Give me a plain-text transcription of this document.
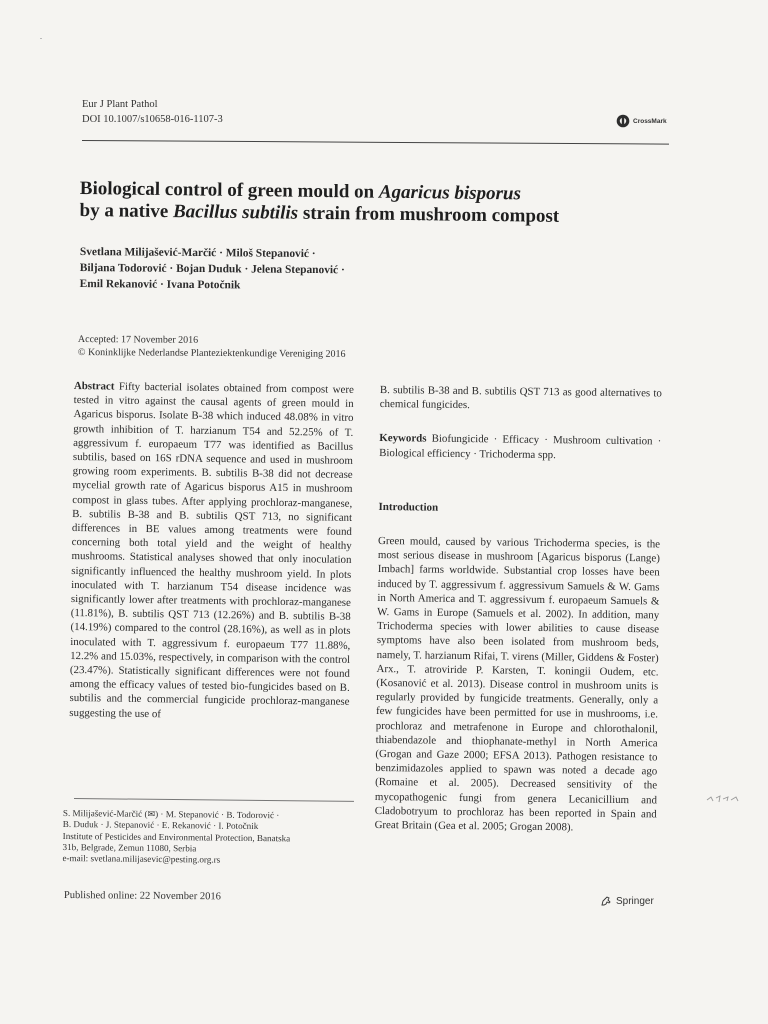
Eur J Plant Pathol
DOI 10.1007/s10658-016-1107-3	CrossMark
Biological control of green mould on Agaricus bisporus
by a native Bacillus subtilis strain from mushroom compost
Svetlana Milijašević-Marčić · Miloš Stepanović ·
Biljana Todorović · Bojan Duduk · Jelena Stepanović ·
Emil Rekanović · Ivana Potočnik
Accepted: 17 November 2016
© Koninklijke Nederlandse Planteziektenkundige Vereniging 2016
Abstract Fifty bacterial isolates obtained from compost were tested in vitro against the causal agents of green mould in Agaricus bisporus. Isolate B-38 which induced 48.08% in vitro growth inhibition of T. harzianum T54 and 52.25% of T. aggressivum f. europaeum T77 was identified as Bacillus subtilis, based on 16S rDNA sequence and used in mushroom growing room experiments. B. subtilis B-38 did not decrease mycelial growth rate of Agaricus bisporus A15 in mushroom compost in glass tubes. After applying prochloraz-manganese, B. subtilis B-38 and B. subtilis QST 713, no significant differences in BE values among treatments were found concerning both total yield and the weight of healthy mushrooms. Statistical analyses showed that only inoculation significantly influenced the healthy mushroom yield. In plots inoculated with T. harzianum T54 disease incidence was significantly lower after treatments with prochloraz-manganese (11.81%), B. subtilis QST 713 (12.26%) and B. subtilis B-38 (14.19%) compared to the control (28.16%), as well as in plots inoculated with T. aggressivum f. europaeum T77 11.88%, 12.2% and 15.03%, respectively, in comparison with the control (23.47%). Statistically significant differences were not found among the efficacy values of tested bio-fungicides based on B. subtilis and the commercial fungicide prochloraz-manganese suggesting the use of
B. subtilis B-38 and B. subtilis QST 713 as good alternatives to chemical fungicides.
Keywords Biofungicide · Efficacy · Mushroom cultivation · Biological efficiency · Trichoderma spp.
Introduction
Green mould, caused by various Trichoderma species, is the most serious disease in mushroom [Agaricus bisporus (Lange) Imbach] farms worldwide. Substantial crop losses have been induced by T. aggressivum f. aggressivum Samuels & W. Gams in North America and T. aggressivum f. europaeum Samuels & W. Gams in Europe (Samuels et al. 2002). In addition, many Trichoderma species with lower abilities to cause disease symptoms have also been isolated from mushroom beds, namely, T. harzianum Rifai, T. virens (Miller, Giddens & Foster) Arx., T. atroviride P. Karsten, T. koningii Oudem, etc. (Kosanović et al. 2013). Disease control in mushroom units is regularly provided by fungicide treatments. Generally, only a few fungicides have been permitted for use in mushrooms, i.e. prochloraz and metrafenone in Europe and chlorothalonil, thiabendazole and thiophanate-methyl in North America (Grogan and Gaze 2000; EFSA 2013). Pathogen resistance to benzimidazoles applied to spawn was noted a decade ago (Romaine et al. 2005). Decreased sensitivity of the mycopathogenic fungi from genera Lecanicillium and Cladobotryum to prochloraz has been reported in Spain and Great Britain (Gea et al. 2005; Grogan 2008).
S. Milijašević-Marčić (✉) · M. Stepanović · B. Todorović ·
B. Duduk · J. Stepanović · E. Rekanović · I. Potočnik
Institute of Pesticides and Environmental Protection, Banatska
31b, Belgrade, Zemun 11080, Serbia
e-mail: svetlana.milijasevic@pesting.org.rs
Published online: 22 November 2016	Springer
